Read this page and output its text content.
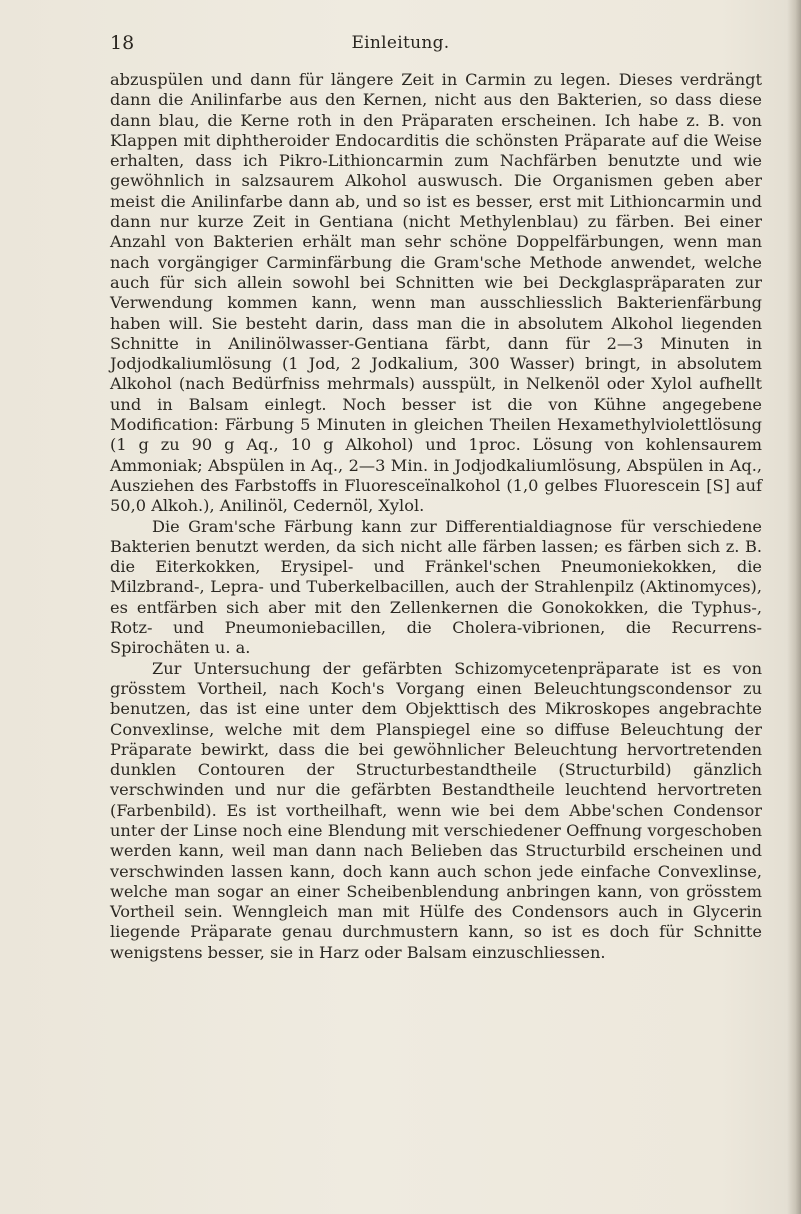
18	Einleitung.

abzuspülen und dann für längere Zeit in Carmin zu legen. Dieses verdrängt dann die Anilinfarbe aus den Kernen, nicht aus den Bakterien, so dass diese dann blau, die Kerne roth in den Präparaten erscheinen. Ich habe z. B. von Klappen mit diphtheroider Endocarditis die schönsten Präparate auf die Weise erhalten, dass ich Pikro-Lithioncarmin zum Nachfärben benutzte und wie gewöhnlich in salzsaurem Alkohol auswusch. Die Organismen geben aber meist die Anilinfarbe dann ab, und so ist es besser, erst mit Lithioncarmin und dann nur kurze Zeit in Gentiana (nicht Methylenblau) zu färben. Bei einer Anzahl von Bakterien erhält man sehr schöne Doppelfärbungen, wenn man nach vorgängiger Carminfärbung die Gram'sche Methode anwendet, welche auch für sich allein sowohl bei Schnitten wie bei Deckglaspräparaten zur Verwendung kommen kann, wenn man ausschliesslich Bakterienfärbung haben will. Sie besteht darin, dass man die in absolutem Alkohol liegenden Schnitte in Anilinölwasser-Gentiana färbt, dann für 2—3 Minuten in Jodjodkaliumlösung (1 Jod, 2 Jodkalium, 300 Wasser) bringt, in absolutem Alkohol (nach Bedürfniss mehrmals) ausspült, in Nelkenöl oder Xylol aufhellt und in Balsam einlegt. Noch besser ist die von Kühne angegebene Modification: Färbung 5 Minuten in gleichen Theilen Hexamethylviolettlösung (1 g zu 90 g Aq., 10 g Alkohol) und 1proc. Lösung von kohlensaurem Ammoniak; Abspülen in Aq., 2—3 Min. in Jodjodkaliumlösung, Abspülen in Aq., Ausziehen des Farbstoffs in Fluoresceïnalkohol (1,0 gelbes Fluorescein [S] auf 50,0 Alkoh.), Anilinöl, Cedernöl, Xylol.

Die Gram'sche Färbung kann zur Differentialdiagnose für verschiedene Bakterien benutzt werden, da sich nicht alle färben lassen; es färben sich z. B. die Eiterkokken, Erysipel- und Fränkel'schen Pneumoniekokken, die Milzbrand-, Lepra- und Tuberkelbacillen, auch der Strahlenpilz (Aktinomyces), es entfärben sich aber mit den Zellenkernen die Gonokokken, die Typhus-, Rotz- und Pneumoniebacillen, die Cholera-vibrionen, die Recurrens-Spirochäten u. a.

Zur Untersuchung der gefärbten Schizomycetenpräparate ist es von grösstem Vortheil, nach Koch's Vorgang einen Beleuchtungscondensor zu benutzen, das ist eine unter dem Objekttisch des Mikroskopes angebrachte Convexlinse, welche mit dem Planspiegel eine so diffuse Beleuchtung der Präparate bewirkt, dass die bei gewöhnlicher Beleuchtung hervortretenden dunklen Contouren der Structurbestandtheile (Structurbild) gänzlich verschwinden und nur die gefärbten Bestandtheile leuchtend hervortreten (Farbenbild). Es ist vortheilhaft, wenn wie bei dem Abbe'schen Condensor unter der Linse noch eine Blendung mit verschiedener Oeffnung vorgeschoben werden kann, weil man dann nach Belieben das Structurbild erscheinen und verschwinden lassen kann, doch kann auch schon jede einfache Convexlinse, welche man sogar an einer Scheibenblendung anbringen kann, von grösstem Vortheil sein. Wenngleich man mit Hülfe des Condensors auch in Glycerin liegende Präparate genau durchmustern kann, so ist es doch für Schnitte wenigstens besser, sie in Harz oder Balsam einzuschliessen.
